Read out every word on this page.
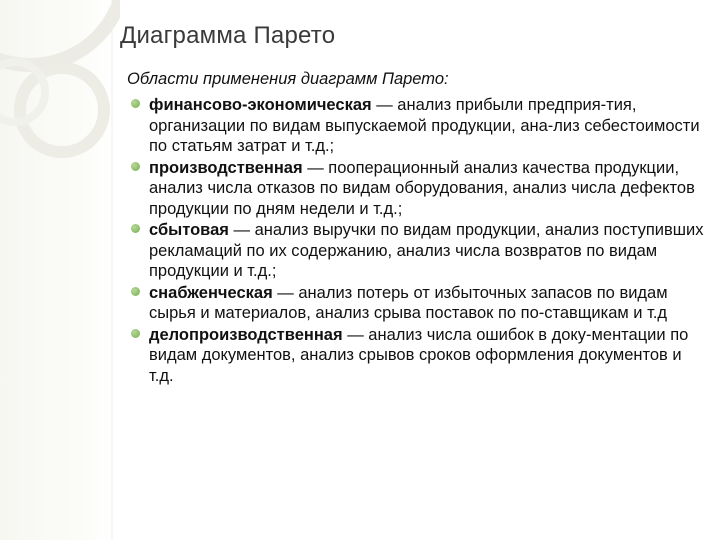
Диаграмма Парето
Области применения диаграмм Парето:
финансово-экономическая — анализ прибыли предприя-тия, организации по видам выпускаемой продукции, ана-лиз себестоимости по статьям затрат и т.д.;
производственная — пооперационный анализ качества продукции, анализ числа отказов по видам оборудования, анализ числа дефектов продукции по дням недели и т.д.;
сбытовая — анализ выручки по видам продукции, анализ поступивших рекламаций по их содержанию, анализ числа возвратов по видам продукции и т.д.;
снабженческая — анализ потерь от избыточных запасов по видам сырья и материалов, анализ срыва поставок по по-ставщикам и т.д
делопроизводственная — анализ числа ошибок в доку-ментации по видам документов, анализ срывов сроков оформления документов и т.д.
